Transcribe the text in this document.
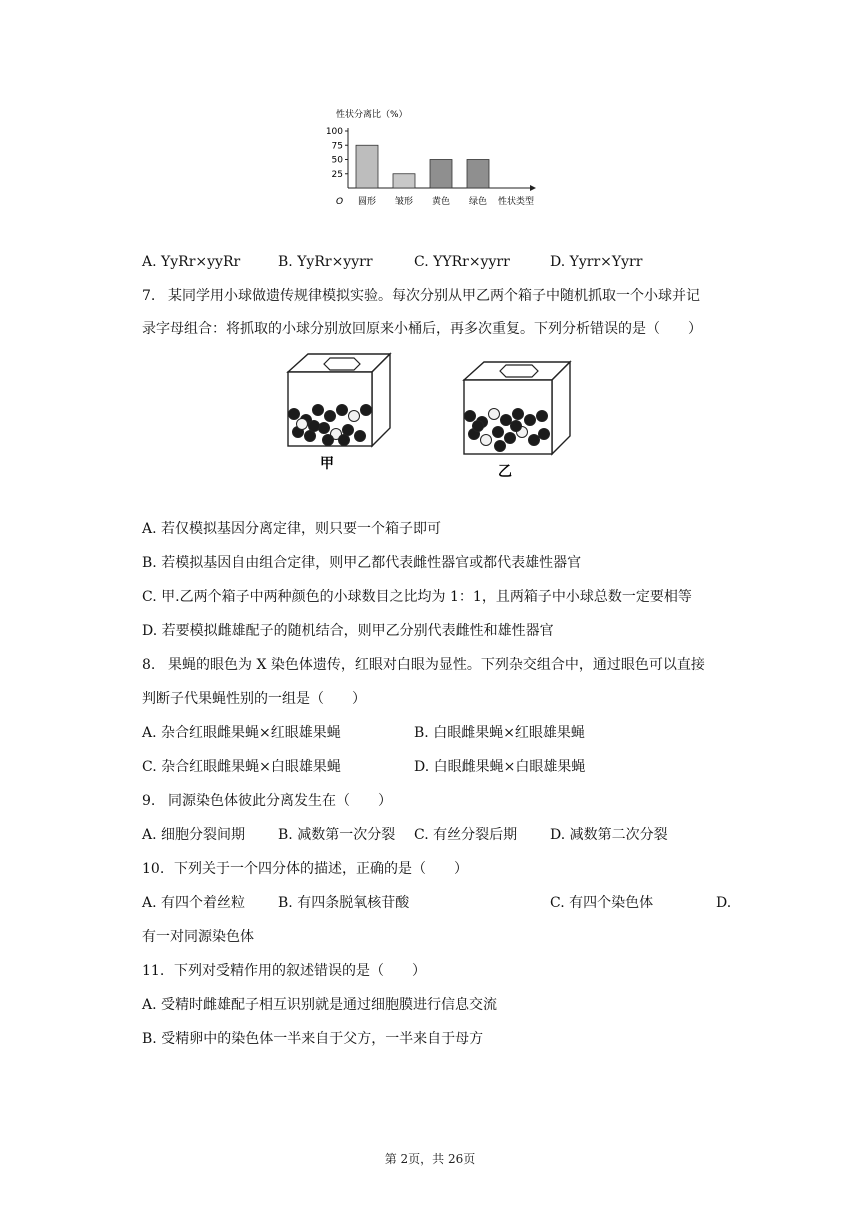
性状分离比（%）
25
50
75
100
圆形 皱形 黄色 绿色
O	性状类型
A. YyRr×yyRr	B. YyRr×yyrr	C. YYRr×yyrr	D. Yyrr×Yyrr
7. 某同学用小球做遗传规律模拟实验。每次分别从甲乙两个箱子中随机抓取一个小球并记
录字母组合：将抓取的小球分别放回原来小桶后，再多次重复。下列分析错误的是（　　）
甲	乙
A. 若仅模拟基因分离定律，则只要一个箱子即可
B. 若模拟基因自由组合定律，则甲乙都代表雌性器官或都代表雄性器官
C. 甲.乙两个箱子中两种颜色的小球数目之比均为 1：1，且两箱子中小球总数一定要相等
D. 若要模拟雌雄配子的随机结合，则甲乙分别代表雌性和雄性器官
8. 果蝇的眼色为 X 染色体遗传，红眼对白眼为显性。下列杂交组合中，通过眼色可以直接
判断子代果蝇性别的一组是（　　）
A. 杂合红眼雌果蝇×红眼雄果蝇	B. 白眼雌果蝇×红眼雄果蝇
C. 杂合红眼雌果蝇×白眼雄果蝇	D. 白眼雌果蝇×白眼雄果蝇
9. 同源染色体彼此分离发生在（　　）
A. 细胞分裂间期 B. 减数第一次分裂 C. 有丝分裂后期 D. 减数第二次分裂
10. 下列关于一个四分体的描述，正确的是（　　）
A. 有四个着丝粒 B. 有四条脱氧核苷酸	C. 有四个染色体	D.
有一对同源染色体
11. 下列对受精作用的叙述错误的是（　　）
A. 受精时雌雄配子相互识别就是通过细胞膜进行信息交流
B. 受精卵中的染色体一半来自于父方，一半来自于母方
第 2页，共 26页
